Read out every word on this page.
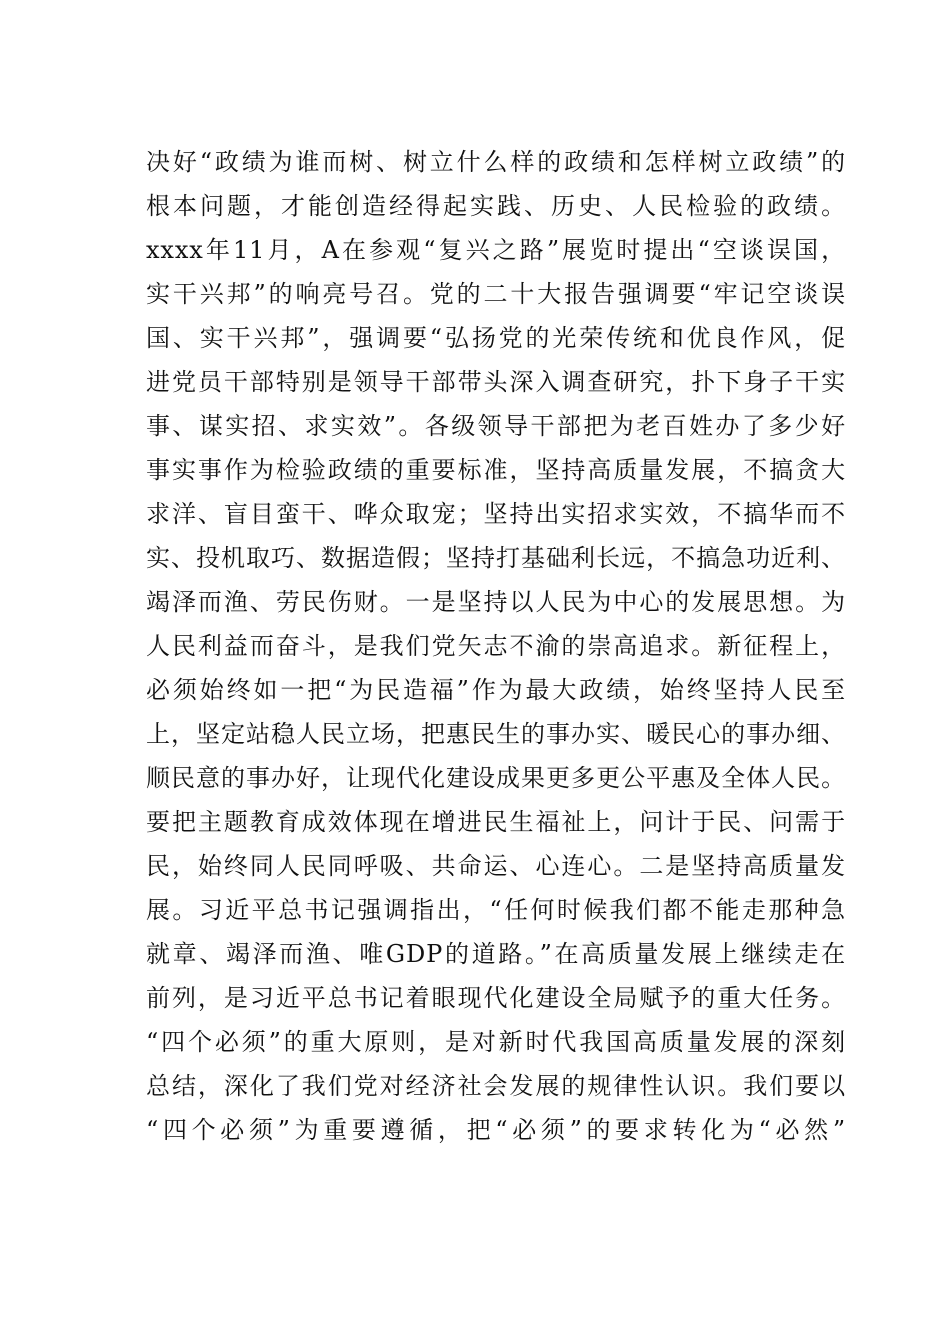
决好“政绩为谁而树、树立什么样的政绩和怎样树立政绩”的
根本问题，才能创造经得起实践、历史、人民检验的政绩。
xxxx年11月，A在参观“复兴之路”展览时提出“空谈误国，
实干兴邦”的响亮号召。党的二十大报告强调要“牢记空谈误
国、实干兴邦”，强调要“弘扬党的光荣传统和优良作风，促
进党员干部特别是领导干部带头深入调查研究，扑下身子干实
事、谋实招、求实效”。各级领导干部把为老百姓办了多少好
事实事作为检验政绩的重要标准，坚持高质量发展，不搞贪大
求洋、盲目蛮干、哗众取宠；坚持出实招求实效，不搞华而不
实、投机取巧、数据造假；坚持打基础利长远，不搞急功近利、
竭泽而渔、劳民伤财。一是坚持以人民为中心的发展思想。为
人民利益而奋斗，是我们党矢志不渝的崇高追求。新征程上，
必须始终如一把“为民造福”作为最大政绩，始终坚持人民至
上，坚定站稳人民立场，把惠民生的事办实、暖民心的事办细、
顺民意的事办好，让现代化建设成果更多更公平惠及全体人民。
要把主题教育成效体现在增进民生福祉上，问计于民、问需于
民，始终同人民同呼吸、共命运、心连心。二是坚持高质量发
展。习近平总书记强调指出，“任何时候我们都不能走那种急
就章、竭泽而渔、唯GDP的道路。”在高质量发展上继续走在
前列，是习近平总书记着眼现代化建设全局赋予的重大任务。
“四个必须”的重大原则，是对新时代我国高质量发展的深刻
总结，深化了我们党对经济社会发展的规律性认识。我们要以
“四个必须”为重要遵循，把“必须”的要求转化为“必然”
